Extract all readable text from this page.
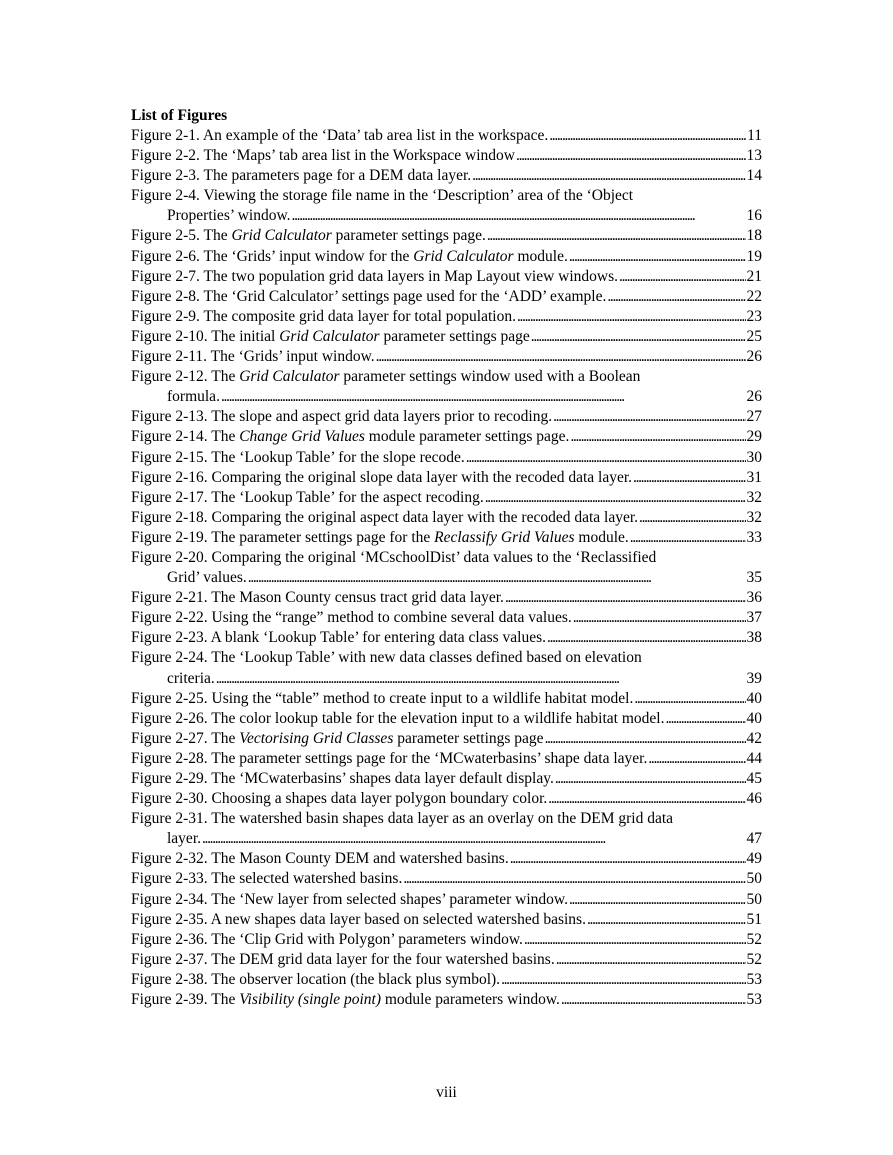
List of Figures
Figure 2-1. An example of the ‘Data’ tab area list in the workspace. . . .	11
Figure 2-2. The ‘Maps’ tab area list in the Workspace window . . .	13
Figure 2-3. The parameters page for a DEM data layer. . . .	14
Figure 2-4. Viewing the storage file name in the ‘Description’ area of the ‘Object
Properties’ window. . . .	16
Figure 2-5. The Grid Calculator parameter settings page. . . .	18
Figure 2-6. The ‘Grids’ input window for the Grid Calculator module. . . .	19
Figure 2-7. The two population grid data layers in Map Layout view windows. . . .	21
Figure 2-8. The ‘Grid Calculator’ settings page used for the ‘ADD’ example. . . .	22
Figure 2-9. The composite grid data layer for total population. . . .	23
Figure 2-10. The initial Grid Calculator parameter settings page . . .	25
Figure 2-11. The ‘Grids’ input window. . . .	26
Figure 2-12. The Grid Calculator parameter settings window used with a Boolean
formula. . . .	26
Figure 2-13. The slope and aspect grid data layers prior to recoding. . . .	27
Figure 2-14. The Change Grid Values module parameter settings page. . . .	29
Figure 2-15. The ‘Lookup Table’ for the slope recode. . . .	30
Figure 2-16. Comparing the original slope data layer with the recoded data layer. . . .	31
Figure 2-17. The ‘Lookup Table’ for the aspect recoding. . . .	32
Figure 2-18. Comparing the original aspect data layer with the recoded data layer. . . .	32
Figure 2-19. The parameter settings page for the Reclassify Grid Values module. . . .	33
Figure 2-20. Comparing the original ‘MCschoolDist’ data values to the ‘Reclassified
Grid’ values. . . .	35
Figure 2-21. The Mason County census tract grid data layer. . . .	36
Figure 2-22. Using the “range” method to combine several data values. . . .	37
Figure 2-23. A blank ‘Lookup Table’ for entering data class values. . . .	38
Figure 2-24. The ‘Lookup Table’ with new data classes defined based on elevation
criteria. . . .	39
Figure 2-25. Using the “table” method to create input to a wildlife habitat model. . . .	40
Figure 2-26. The color lookup table for the elevation input to a wildlife habitat model. . . .	40
Figure 2-27. The Vectorising Grid Classes parameter settings page . . .	42
Figure 2-28. The parameter settings page for the ‘MCwaterbasins’ shape data layer. . . .	44
Figure 2-29. The ‘MCwaterbasins’ shapes data layer default display. . . .	45
Figure 2-30. Choosing a shapes data layer polygon boundary color. . . .	46
Figure 2-31. The watershed basin shapes data layer as an overlay on the DEM grid data
layer. . . .	47
Figure 2-32. The Mason County DEM and watershed basins. . . .	49
Figure 2-33. The selected watershed basins. . . .	50
Figure 2-34. The ‘New layer from selected shapes’ parameter window. . . .	50
Figure 2-35. A new shapes data layer based on selected watershed basins. . . .	51
Figure 2-36. The ‘Clip Grid with Polygon’ parameters window. . . .	52
Figure 2-37. The DEM grid data layer for the four watershed basins. . . .	52
Figure 2-38. The observer location (the black plus symbol). . . .	53
Figure 2-39. The Visibility (single point) module parameters window. . . .	53
viii
